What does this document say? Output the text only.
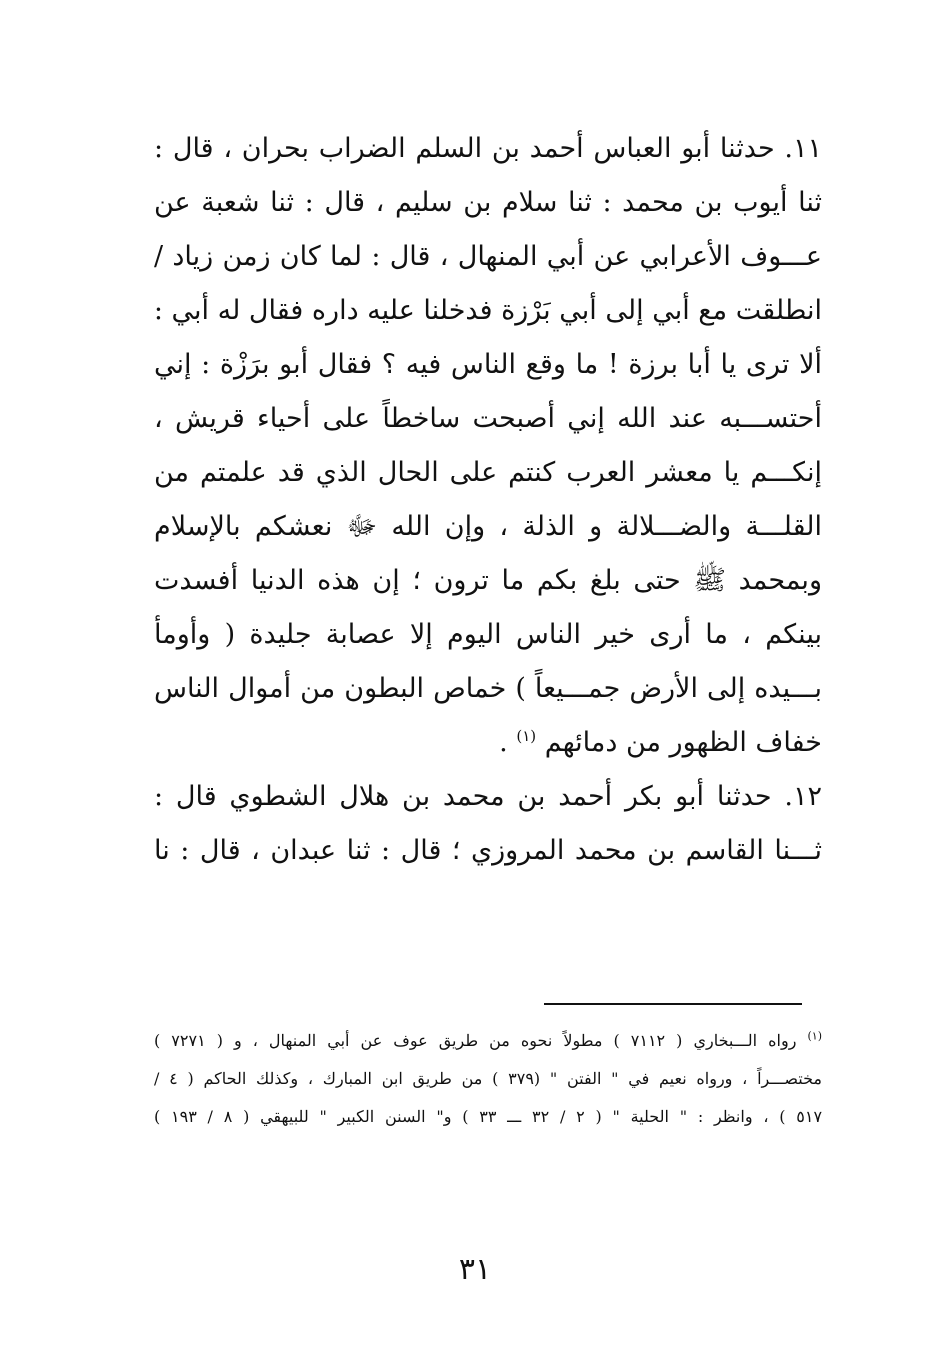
١١. حدثنا أبو العباس أحمد بن السلم الضراب بحران ، قال :
ثنا أيوب بن محمد : ثنا سلام بن سليم ، قال : ثنا شعبة عن
عـــوف الأعرابي عن أبي المنهال ، قال : لما كان زمن زياد /
انطلقت مع أبي إلى أبي بَرْزة فدخلنا عليه داره فقال له أبي :
ألا ترى يا أبا برزة ! ما وقع الناس فيه ؟ فقال أبو برَزْة : إني
أحتســـبه عند الله إني أصبحت ساخطاً على أحياء قريش ،
إنكـــم يا معشر العرب كنتم على الحال الذي قد علمتم من
القلـــة والضـــلالة و الذلة ، وإن الله ﷻ نعشكم بالإسلام
وبمحمد ﷺ حتى بلغ بكم ما ترون ؛ إن هذه الدنيا أفسدت
بينكم ، ما أرى خير الناس اليوم إلا عصابة جليدة ( وأومأ
بـــيده إلى الأرض جمـــيعاً ) خماص البطون من أموال الناس
خفاف الظهور من دمائهم $^{(١)}$ .
١٢. حدثنا أبو بكر أحمد بن محمد بن هلال الشطوي قال :
ثـــنا القاسم بن محمد المروزي ؛ قال : ثنا عبدان ، قال : نا
$^{(١)}$ رواه الـــبخاري ( ٧١١٢ ) مطولاً نحوه من طريق عوف عن أبي المنهال ، و ( ٧٢٧١ )
مختصـــراً ، ورواه نعيم في " الفتن " (٣٧٩ ) من طريق ابن المبارك ، وكذلك الحاكم ( ٤ /
٥١٧ ) ، وانظر : " الحلية " ( ٢ / ٣٢ ـــ ٣٣ ) و" السنن الكبير " للبيهقي ( ٨ / ١٩٣ )
٣١
